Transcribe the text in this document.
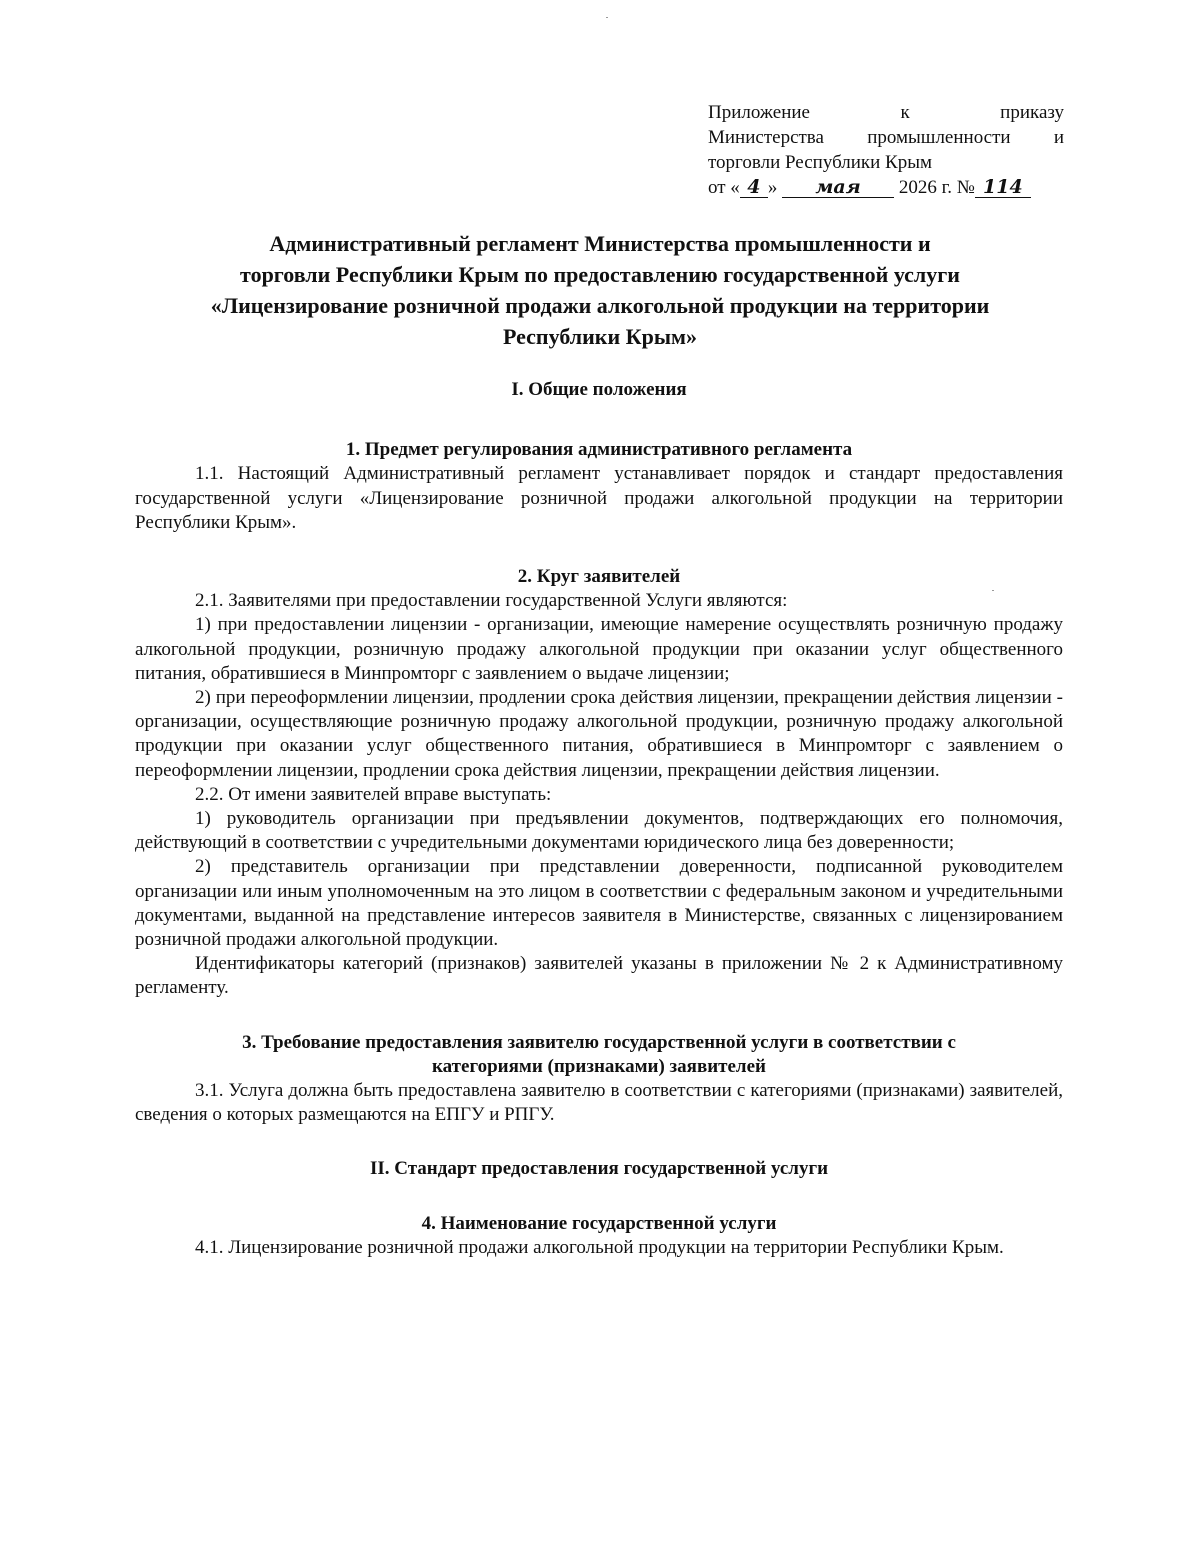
Приложение к приказу
Министерства промышленности и
торговли Республики Крым
от « 4 » мая 2026 г. № 114
Административный регламент Министерства промышленности и
торговли Республики Крым по предоставлению государственной услуги
«Лицензирование розничной продажи алкогольной продукции на территории
Республики Крым»
I. Общие положения
1. Предмет регулирования административного регламента

1.1. Настоящий Административный регламент устанавливает порядок и стандарт предоставления государственной услуги «Лицензирование розничной продажи алкогольной продукции на территории Республики Крым».

2. Круг заявителей

2.1. Заявителями при предоставлении государственной Услуги являются:

1) при предоставлении лицензии - организации, имеющие намерение осуществлять розничную продажу алкогольной продукции, розничную продажу алкогольной продукции при оказании услуг общественного питания, обратившиеся в Минпромторг с заявлением о выдаче лицензии;

2) при переоформлении лицензии, продлении срока действия лицензии, прекращении действия лицензии - организации, осуществляющие розничную продажу алкогольной продукции, розничную продажу алкогольной продукции при оказании услуг общественного питания, обратившиеся в Минпромторг с заявлением о переоформлении лицензии, продлении срока действия лицензии, прекращении действия лицензии.

2.2. От имени заявителей вправе выступать:

1) руководитель организации при предъявлении документов, подтверждающих его полномочия, действующий в соответствии с учредительными документами юридического лица без доверенности;

2) представитель организации при представлении доверенности, подписанной руководителем организации или иным уполномоченным на это лицом в соответствии с федеральным законом и учредительными документами, выданной на представление интересов заявителя в Министерстве, связанных с лицензированием розничной продажи алкогольной продукции.

Идентификаторы категорий (признаков) заявителей указаны в приложении № 2 к Административному регламенту.

3. Требование предоставления заявителю государственной услуги в соответствии с
категориями (признаками) заявителей

3.1. Услуга должна быть предоставлена заявителю в соответствии с категориями (признаками) заявителей, сведения о которых размещаются на ЕПГУ и РПГУ.

II. Стандарт предоставления государственной услуги
4. Наименование государственной услуги

4.1. Лицензирование розничной продажи алкогольной продукции на территории Республики Крым.
